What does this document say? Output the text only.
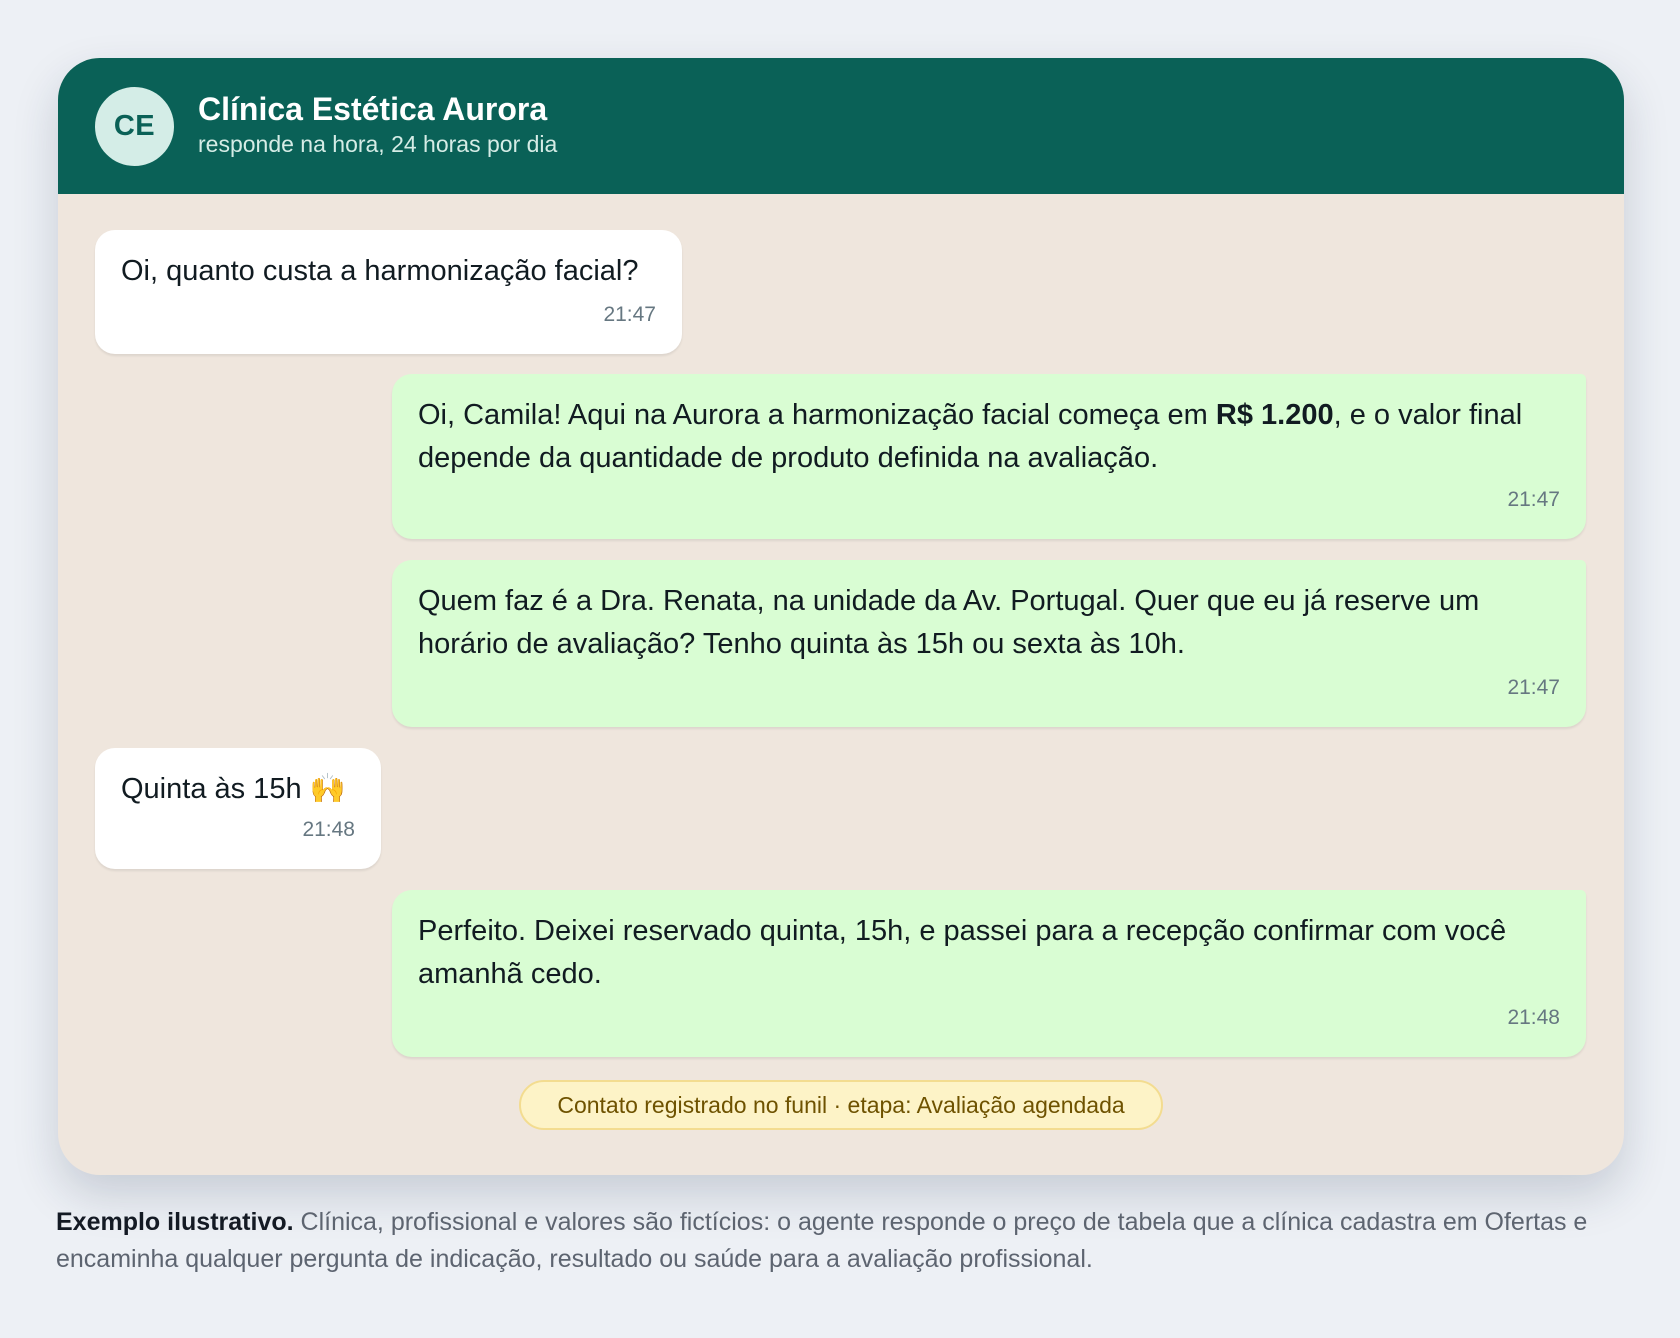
CE	Clínica Estética Aurora
responde na hora, 24 horas por dia
Oi, quanto custa a harmonização facial?
21:47
Oi, Camila! Aqui na Aurora a harmonização facial começa em R$ 1.200, e o valor final depende da quantidade de produto definida na avaliação.
21:47
Quem faz é a Dra. Renata, na unidade da Av. Portugal. Quer que eu já reserve um horário de avaliação? Tenho quinta às 15h ou sexta às 10h.
21:47
Quinta às 15h 🙌
21:48
Perfeito. Deixei reservado quinta, 15h, e passei para a recepção confirmar com você amanhã cedo.
21:48
Contato registrado no funil · etapa: Avaliação agendada
Exemplo ilustrativo. Clínica, profissional e valores são fictícios: o agente responde o preço de tabela que a clínica cadastra em Ofertas e encaminha qualquer pergunta de indicação, resultado ou saúde para a avaliação profissional.
